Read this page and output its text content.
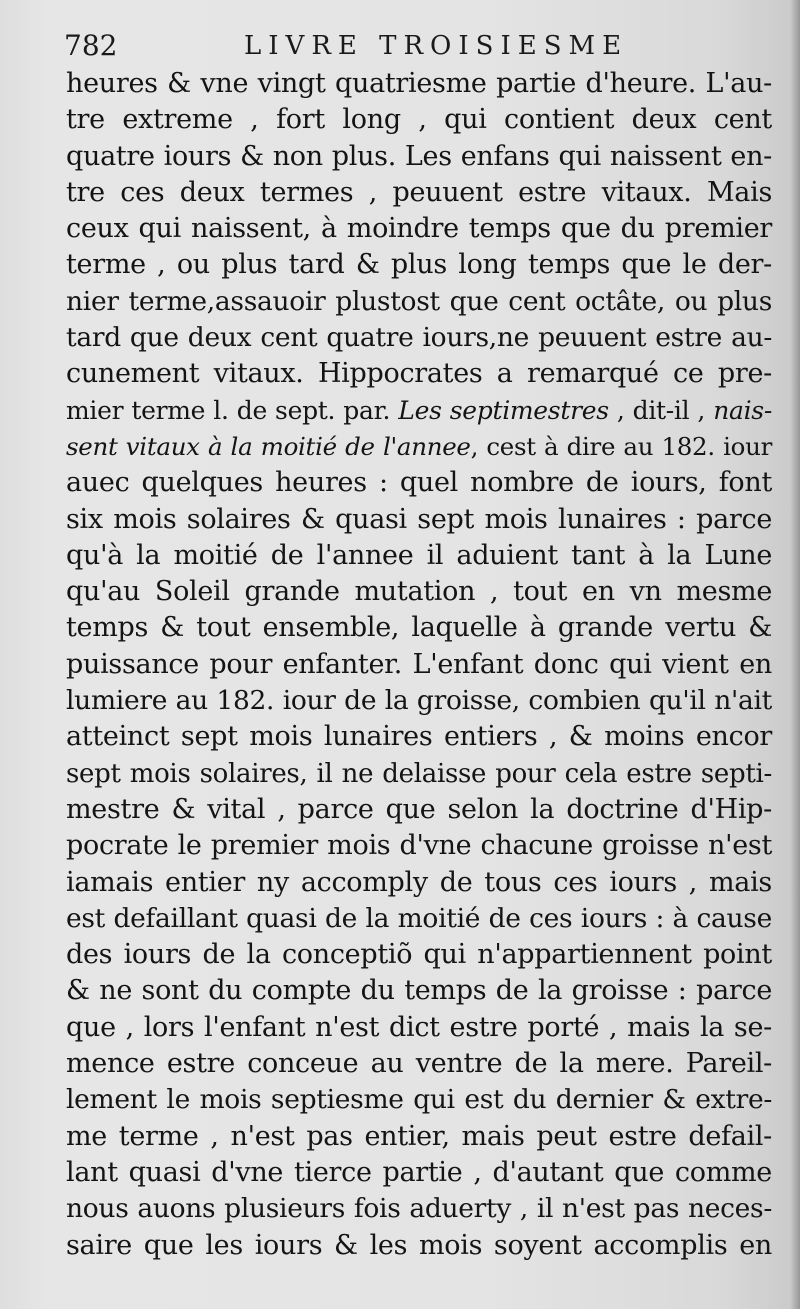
782	LIVRE TROISIESME
heures & vne vingt quatriesme partie d'heure. L'au-
tre extreme , fort long , qui contient deux cent
quatre iours & non plus. Les enfans qui naissent en-
tre ces deux termes , peuuent estre vitaux. Mais
ceux qui naissent, à moindre temps que du premier
terme , ou plus tard & plus long temps que le der-
nier terme,assauoir plustost que cent octâte, ou plus
tard que deux cent quatre iours,ne peuuent estre au-
cunement vitaux. Hippocrates a remarqué ce pre-
mier terme l. de sept. par. Les septimestres , dit-il , nais-
sent vitaux à la moitié de l'annee, cest à dire au 182. iour
auec quelques heures : quel nombre de iours, font
six mois solaires & quasi sept mois lunaires : parce
qu'à la moitié de l'annee il aduient tant à la Lune
qu'au Soleil grande mutation , tout en vn mesme
temps & tout ensemble, laquelle à grande vertu &
puissance pour enfanter. L'enfant donc qui vient en
lumiere au 182. iour de la groisse, combien qu'il n'ait
atteinct sept mois lunaires entiers , & moins encor
sept mois solaires, il ne delaisse pour cela estre septi-
mestre & vital , parce que selon la doctrine d'Hip-
pocrate le premier mois d'vne chacune groisse n'est
iamais entier ny accomply de tous ces iours , mais
est defaillant quasi de la moitié de ces iours : à cause
des iours de la conceptiõ qui n'appartiennent point
& ne sont du compte du temps de la groisse : parce
que , lors l'enfant n'est dict estre porté , mais la se-
mence estre conceue au ventre de la mere. Pareil-
lement le mois septiesme qui est du dernier & extre-
me terme , n'est pas entier, mais peut estre defail-
lant quasi d'vne tierce partie , d'autant que comme
nous auons plusieurs fois aduerty , il n'est pas neces-
saire que les iours & les mois soyent accomplis en
